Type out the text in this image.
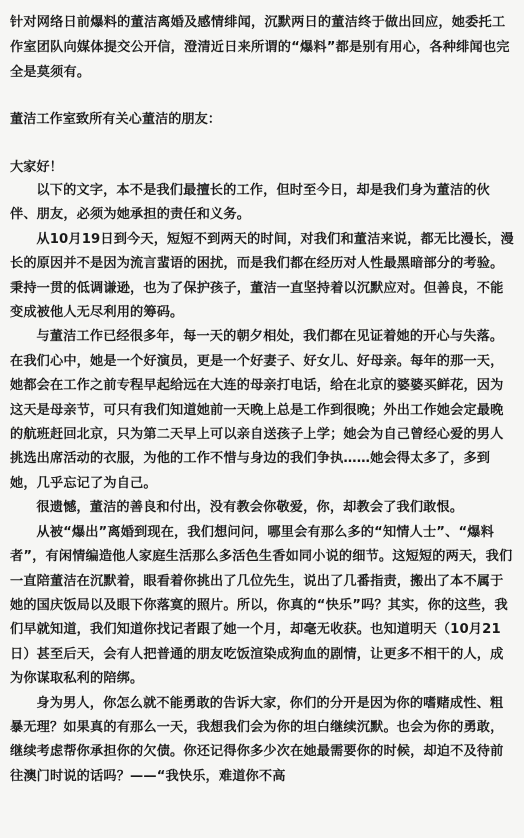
针对网络日前爆料的董洁离婚及感情绯闻，沉默两日的董洁终于做出回应，她委托工作室团队向媒体提交公开信，澄清近日来所谓的“爆料”都是别有用心，各种绯闻也完全是莫须有。

董洁工作室致所有关心董洁的朋友：

大家好！

以下的文字，本不是我们最擅长的工作，但时至今日，却是我们身为董洁的伙伴、朋友，必须为她承担的责任和义务。

从10月19日到今天，短短不到两天的时间，对我们和董洁来说，都无比漫长，漫长的原因并不是因为流言蜚语的困扰，而是我们都在经历对人性最黑暗部分的考验。秉持一贯的低调谦逊，也为了保护孩子，董洁一直坚持着以沉默应对。但善良，不能变成被他人无尽利用的筹码。

与董洁工作已经很多年，每一天的朝夕相处，我们都在见证着她的开心与失落。在我们心中，她是一个好演员，更是一个好妻子、好女儿、好母亲。每年的那一天，她都会在工作之前专程早起给远在大连的母亲打电话，给在北京的婆婆买鲜花，因为这天是母亲节，可只有我们知道她前一天晚上总是工作到很晚；外出工作她会定最晚的航班赶回北京，只为第二天早上可以亲自送孩子上学；她会为自己曾经心爱的男人挑选出席活动的衣服，为他的工作不惜与身边的我们争执……她会得太多了，多到她，几乎忘记了为自己。

很遗憾，董洁的善良和付出，没有教会你敬爱，你，却教会了我们敢恨。

从被“爆出”离婚到现在，我们想问问，哪里会有那么多的“知情人士”、“爆料者”，有闲情编造他人家庭生活那么多活色生香如同小说的细节。这短短的两天，我们一直陪董洁在沉默着，眼看着你挑出了几位先生，说出了几番指责，搬出了本不属于她的国庆饭局以及眼下你落寞的照片。所以，你真的“快乐”吗？其实，你的这些，我们早就知道，我们知道你找记者跟了她一个月，却毫无收获。也知道明天（10月21日）甚至后天，会有人把普通的朋友吃饭渲染成狗血的剧情，让更多不相干的人，成为你谋取私利的陪绑。

身为男人，你怎么就不能勇敢的告诉大家，你们的分开是因为你的嗜赌成性、粗暴无理？如果真的有那么一天，我想我们会为你的坦白继续沉默。也会为你的勇敢，继续考虑帮你承担你的欠债。你还记得你多少次在她最需要你的时候，却迫不及待前往澳门时说的话吗？——“我快乐，难道你不高
